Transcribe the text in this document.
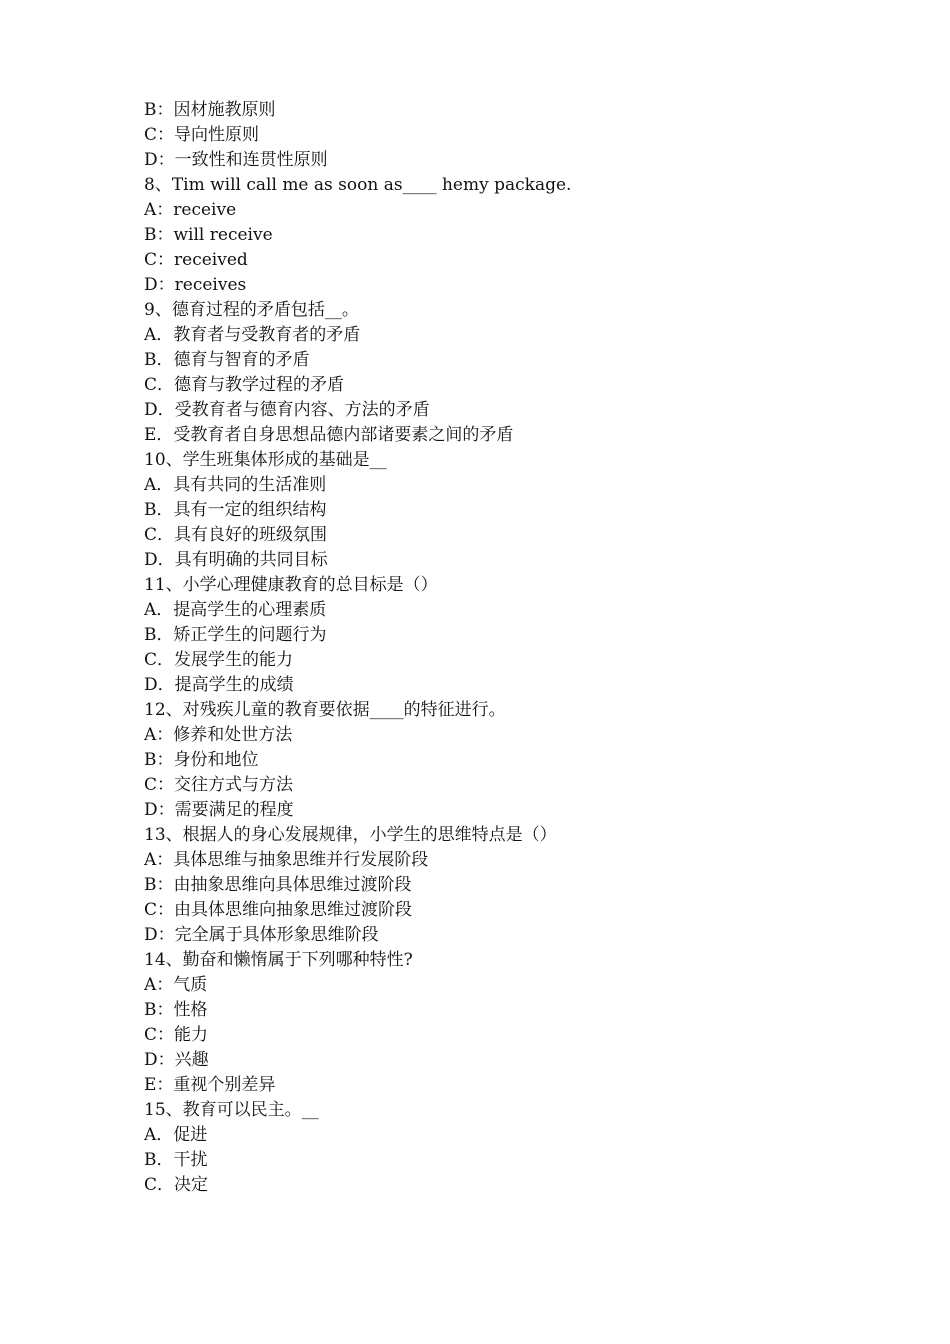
B：因材施教原则
C：导向性原则
D：一致性和连贯性原则
8、Tim will call me as soon as____ hemy package.
A：receive
B：will receive
C：received
D：receives
9、德育过程的矛盾包括__。
A．教育者与受教育者的矛盾
B．德育与智育的矛盾
C．德育与教学过程的矛盾
D．受教育者与德育内容、方法的矛盾
E．受教育者自身思想品德内部诸要素之间的矛盾
10、学生班集体形成的基础是__
A．具有共同的生活准则
B．具有一定的组织结构
C．具有良好的班级氛围
D．具有明确的共同目标
11、小学心理健康教育的总目标是（）
A．提高学生的心理素质
B．矫正学生的问题行为
C．发展学生的能力
D．提高学生的成绩
12、对残疾儿童的教育要依据____的特征进行。
A：修养和处世方法
B：身份和地位
C：交往方式与方法
D：需要满足的程度
13、根据人的身心发展规律，小学生的思维特点是（）
A：具体思维与抽象思维并行发展阶段
B：由抽象思维向具体思维过渡阶段
C：由具体思维向抽象思维过渡阶段
D：完全属于具体形象思维阶段
14、勤奋和懒惰属于下列哪种特性?
A：气质
B：性格
C：能力
D：兴趣
E：重视个别差异
15、教育可以民主。__
A．促进
B．干扰
C．决定
